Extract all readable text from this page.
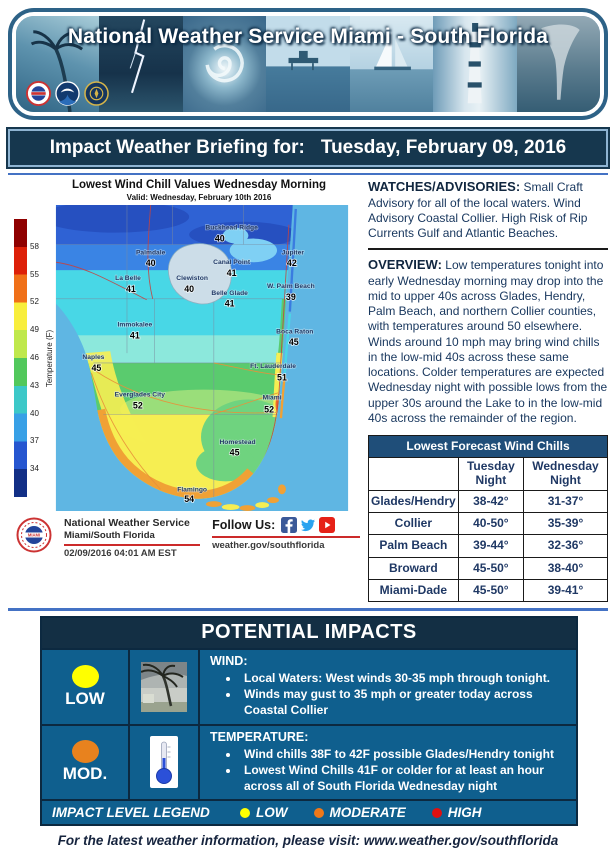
National Weather Service Miami - South Florida
Impact Weather Briefing for: Tuesday, February 09, 2016
Lowest Wind Chill Values Wednesday Morning
Valid: Wednesday, February 10th 2016
58
55
52
49
46
43
40
37
34
Temperature (F)
Buckhead Ridge
40
Palmdale
40
La Belle
41
Clewiston
40
Canal Point
41
Jupiter
42
W. Palm Beach
39
Belle Glade
41
Immokalee
41
Naples
45
Boca Raton
45
Ft. Lauderdale
51
Everglades City
52
Miami
52
Homestead
45
Flamingo
54
MIAMI
National Weather Service
Miami/South Florida
02/09/2016 04:01 AM EST
Follow Us:
weather.gov/southflorida

WATCHES/ADVISORIES: Small Craft Advisory for all of the local waters. Wind Advisory Coastal Collier. High Risk of Rip Currents Gulf and Atlantic Beaches.

OVERVIEW: Low temperatures tonight into early Wednesday morning may drop into the mid to upper 40s across Glades, Hendry, Palm Beach, and northern Collier counties, with temperatures around 50 elsewhere. Winds around 10 mph may bring wind chills in the low-mid 40s across these same locations. Colder temperatures are expected Wednesday night with possible lows from the upper 30s around the Lake to in the low-mid 40s across the remainder of the region.

Lowest Forecast Wind Chills		
	Tuesday Night	Wednesday Night
Glades/Hendry	38-42°	31-37°
Collier	40-50°	35-39°
Palm Beach	39-44°	32-36°
Broward	45-50°	38-40°
Miami-Dade	45-50°	39-41°
POTENTIAL IMPACTS
LOW
WIND:
• Local Waters: West winds 30-35 mph through tonight.
• Winds may gust to 35 mph or greater today across Coastal Collier
MOD.
TEMPERATURE:
• Wind chills 38F to 42F possible Glades/Hendry tonight
• Lowest Wind Chills 41F or colder for at least an hour across all of South Florida Wednesday night
IMPACT LEVEL LEGEND	LOW	MODERATE	HIGH
For the latest weather information, please visit: www.weather.gov/southflorida
